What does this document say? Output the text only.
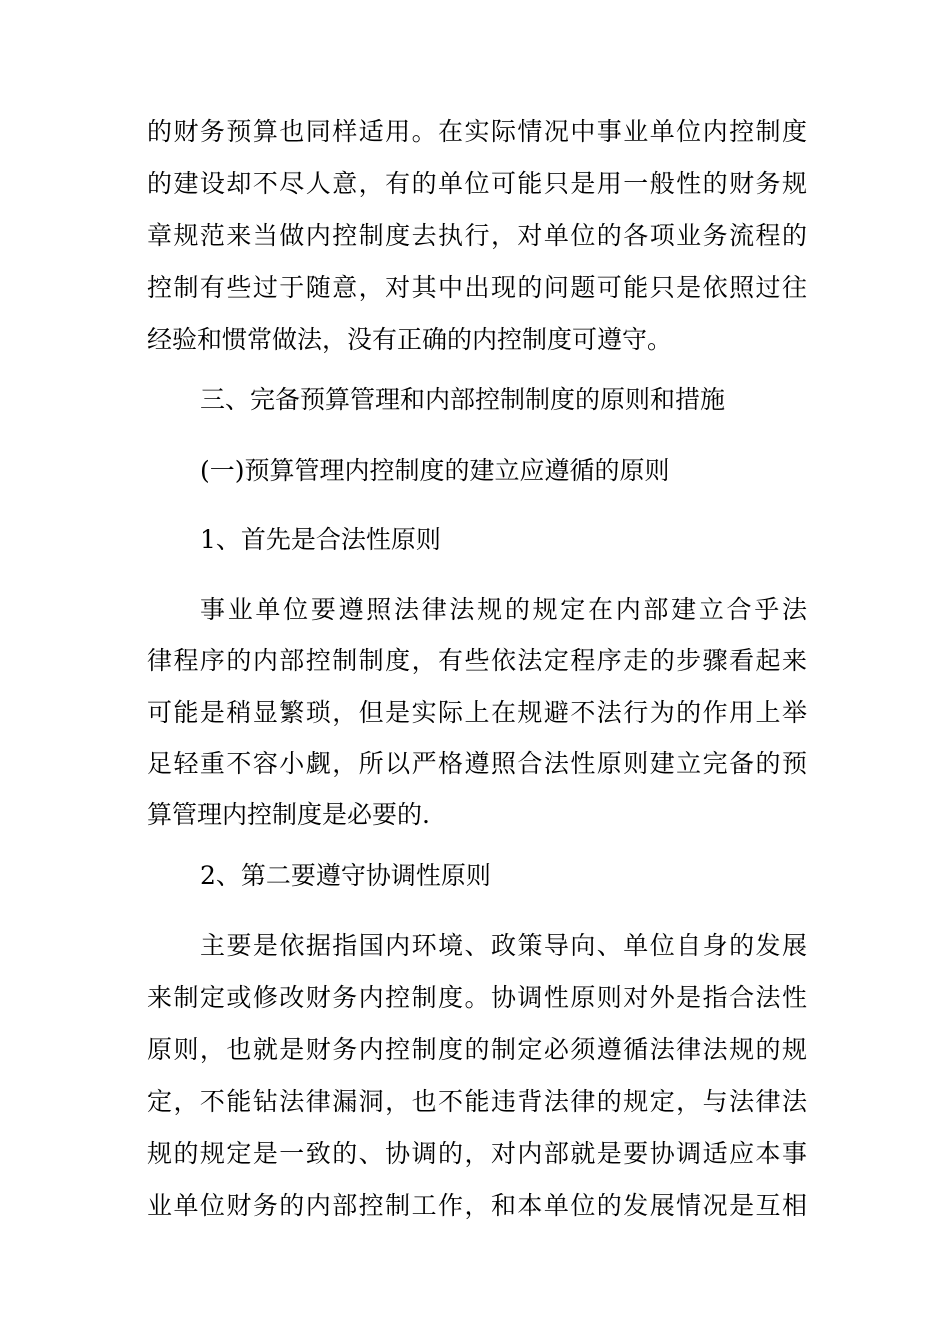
的财务预算也同样适用。在实际情况中事业单位内控制度
的建设却不尽人意，有的单位可能只是用一般性的财务规
章规范来当做内控制度去执行，对单位的各项业务流程的
控制有些过于随意，对其中出现的问题可能只是依照过往
经验和惯常做法，没有正确的内控制度可遵守。
三、完备预算管理和内部控制制度的原则和措施
(一)预算管理内控制度的建立应遵循的原则
1、首先是合法性原则
事业单位要遵照法律法规的规定在内部建立合乎法
律程序的内部控制制度，有些依法定程序走的步骤看起来
可能是稍显繁琐，但是实际上在规避不法行为的作用上举
足轻重不容小觑，所以严格遵照合法性原则建立完备的预
算管理内控制度是必要的.
2、第二要遵守协调性原则
主要是依据指国内环境、政策导向、单位自身的发展
来制定或修改财务内控制度。协调性原则对外是指合法性
原则，也就是财务内控制度的制定必须遵循法律法规的规
定，不能钻法律漏洞，也不能违背法律的规定，与法律法
规的规定是一致的、协调的，对内部就是要协调适应本事
业单位财务的内部控制工作，和本单位的发展情况是互相
